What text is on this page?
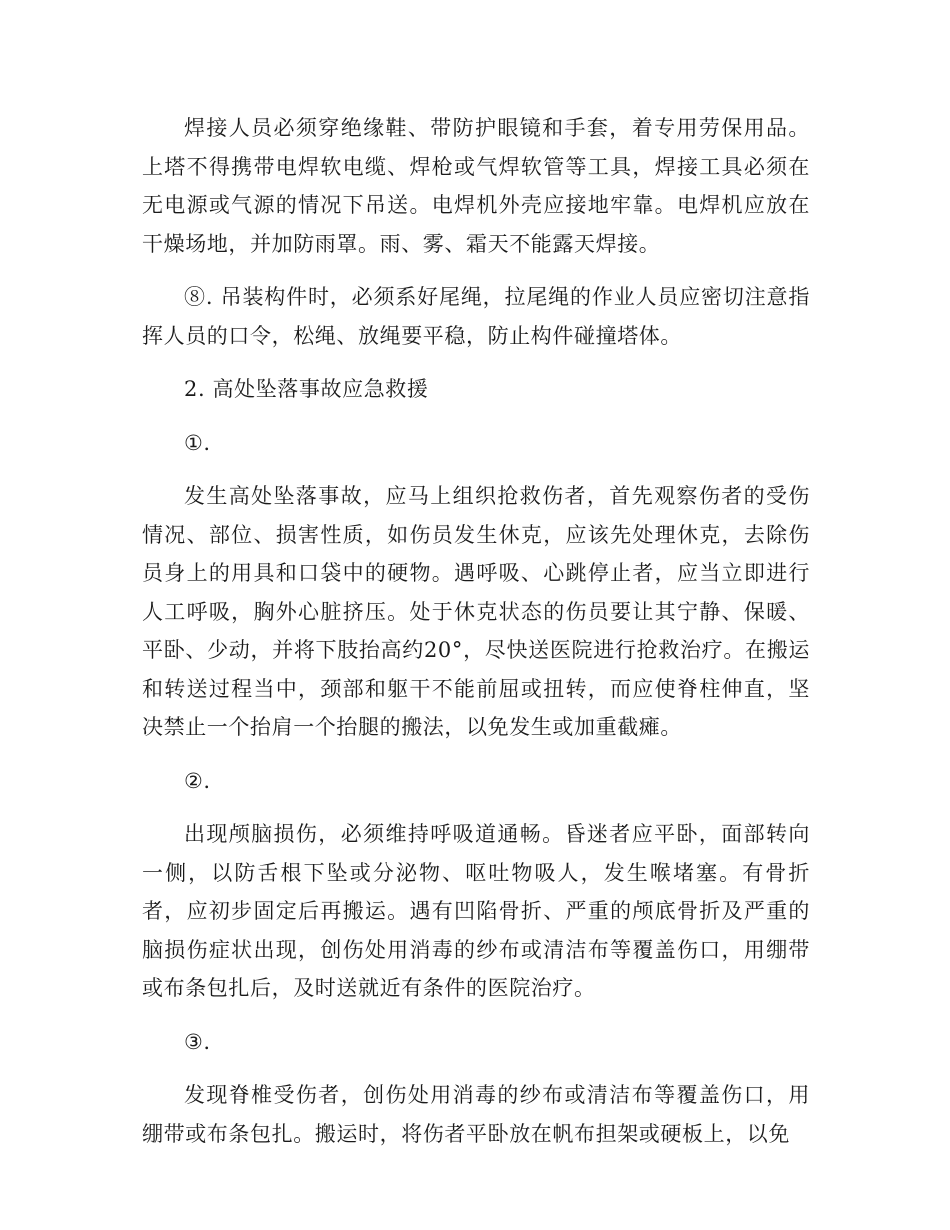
焊接人员必须穿绝缘鞋、带防护眼镜和手套，着专用劳保用品。上塔不得携带电焊软电缆、焊枪或气焊软管等工具，焊接工具必须在无电源或气源的情况下吊送。电焊机外壳应接地牢靠。电焊机应放在干燥场地，并加防雨罩。雨、雾、霜天不能露天焊接。

⑧. 吊装构件时，必须系好尾绳，拉尾绳的作业人员应密切注意指挥人员的口令，松绳、放绳要平稳，防止构件碰撞塔体。

2. 高处坠落事故应急救援

①.

发生高处坠落事故，应马上组织抢救伤者，首先观察伤者的受伤情况、部位、损害性质，如伤员发生休克，应该先处理休克，去除伤员身上的用具和口袋中的硬物。遇呼吸、心跳停止者，应当立即进行人工呼吸，胸外心脏挤压。处于休克状态的伤员要让其宁静、保暖、平卧、少动，并将下肢抬高约20°，尽快送医院进行抢救治疗。在搬运和转送过程当中，颈部和躯干不能前屈或扭转，而应使脊柱伸直，坚决禁止一个抬肩一个抬腿的搬法，以免发生或加重截瘫。

②.

出现颅脑损伤，必须维持呼吸道通畅。昏迷者应平卧，面部转向一侧，以防舌根下坠或分泌物、呕吐物吸人，发生喉堵塞。有骨折者，应初步固定后再搬运。遇有凹陷骨折、严重的颅底骨折及严重的脑损伤症状出现，创伤处用消毒的纱布或清洁布等覆盖伤口，用绷带或布条包扎后，及时送就近有条件的医院治疗。

③.

发现脊椎受伤者，创伤处用消毒的纱布或清洁布等覆盖伤口，用绷带或布条包扎。搬运时，将伤者平卧放在帆布担架或硬板上，以免
